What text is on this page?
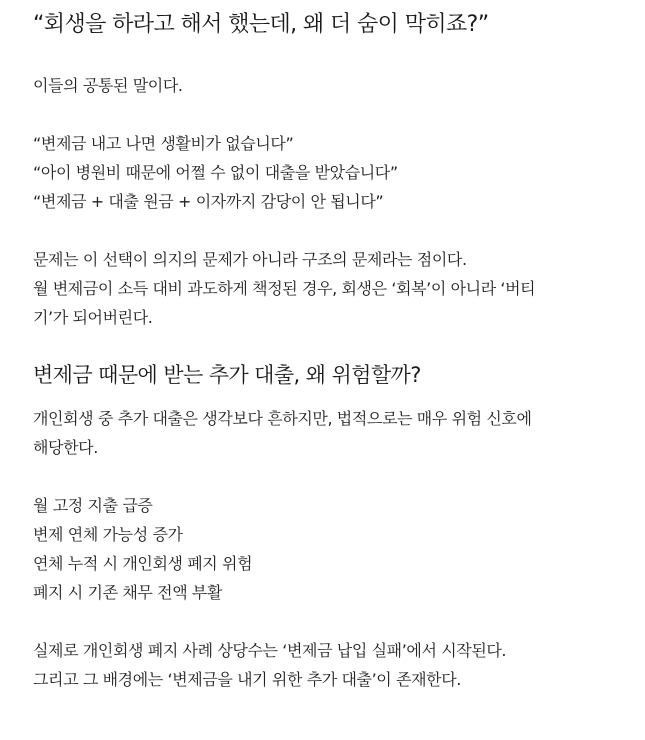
“회생을 하라고 해서 했는데, 왜 더 숨이 막히죠?”

이들의 공통된 말이다.

“변제금 내고 나면 생활비가 없습니다”

“아이 병원비 때문에 어쩔 수 없이 대출을 받았습니다”

“변제금 + 대출 원금 + 이자까지 감당이 안 됩니다”

문제는 이 선택이 의지의 문제가 아니라 구조의 문제라는 점이다.

월 변제금이 소득 대비 과도하게 책정된 경우, 회생은 ‘회복’이 아니라 ‘버티

기’가 되어버린다.

변제금 때문에 받는 추가 대출, 왜 위험할까?

개인회생 중 추가 대출은 생각보다 흔하지만, 법적으로는 매우 위험 신호에

해당한다.

월 고정 지출 급증

변제 연체 가능성 증가

연체 누적 시 개인회생 폐지 위험

폐지 시 기존 채무 전액 부활

실제로 개인회생 폐지 사례 상당수는 ‘변제금 납입 실패’에서 시작된다.

그리고 그 배경에는 ‘변제금을 내기 위한 추가 대출’이 존재한다.
